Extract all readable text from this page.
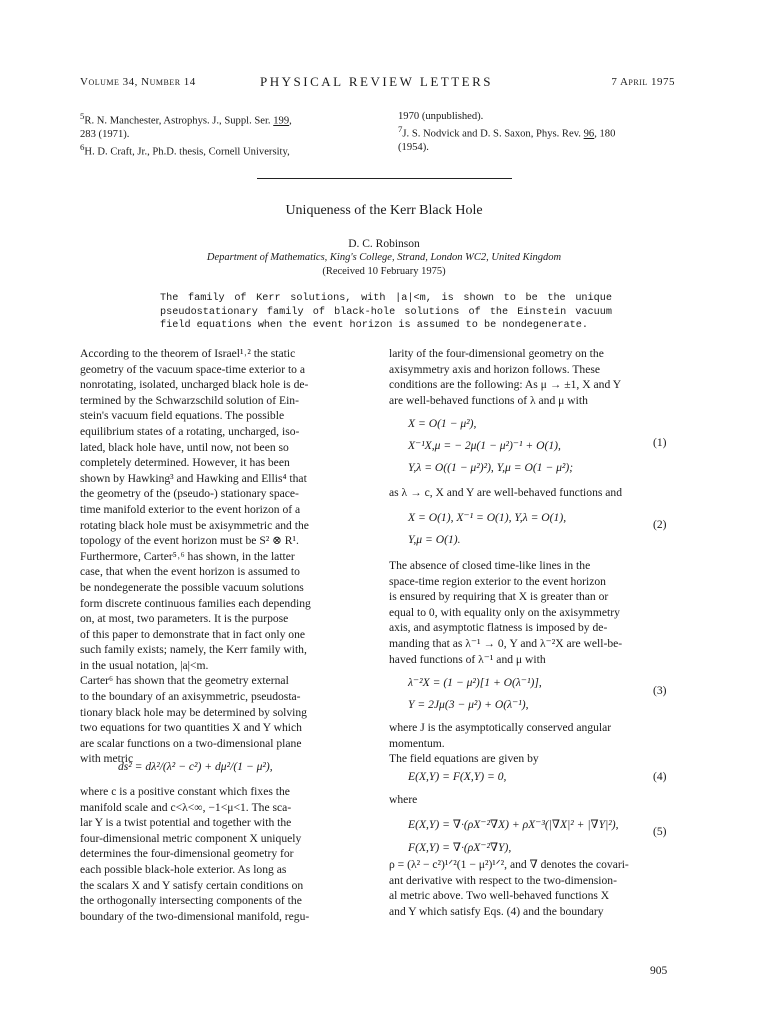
Volume 34, Number 14	PHYSICAL REVIEW LETTERS	7 April 1975
$^5$R. N. Manchester, Astrophys. J., Suppl. Ser. 199,
283 (1971).
$^6$H. D. Craft, Jr., Ph.D. thesis, Cornell University,
1970 (unpublished).
$^7$J. S. Nodvick and D. S. Saxon, Phys. Rev. 96, 180
(1954).
Uniqueness of the Kerr Black Hole
D. C. Robinson
Department of Mathematics, King's College, Strand, London WC2, United Kingdom
(Received 10 February 1975)
The family of Kerr solutions, with |a|<m, is shown to be the unique pseudostationary family of black-hole solutions of the Einstein vacuum field equations when the event horizon is assumed to be nondegenerate.

According to the theorem of Israel¹˒² the static

geometry of the vacuum space-time exterior to a

nonrotating, isolated, uncharged black hole is de-

termined by the Schwarzschild solution of Ein-

stein's vacuum field equations. The possible

equilibrium states of a rotating, uncharged, iso-

lated, black hole have, until now, not been so

completely determined. However, it has been

shown by Hawking³ and Hawking and Ellis⁴ that

the geometry of the (pseudo-) stationary space-

time manifold exterior to the event horizon of a

rotating black hole must be axisymmetric and the

topology of the event horizon must be S² ⊗ R¹.

Furthermore, Carter⁵˒⁶ has shown, in the latter

case, that when the event horizon is assumed to

be nondegenerate the possible vacuum solutions

form discrete continuous families each depending

on, at most, two parameters. It is the purpose

of this paper to demonstrate that in fact only one

such family exists; namely, the Kerr family with,

in the usual notation, |a|<m.

Carter⁶ has shown that the geometry external

to the boundary of an axisymmetric, pseudosta-

tionary black hole may be determined by solving

two equations for two quantities X and Y which

are scalar functions on a two-dimensional plane

with metric

ds² = dλ²/(λ² − c²) + dμ²/(1 − μ²),

where c is a positive constant which fixes the

manifold scale and c<λ<∞, −1<μ<1. The sca-

lar Y is a twist potential and together with the

four-dimensional metric component X uniquely

determines the four-dimensional geometry for

each possible black-hole exterior. As long as

the scalars X and Y satisfy certain conditions on

the orthogonally intersecting components of the

boundary of the two-dimensional manifold, regu-

larity of the four-dimensional geometry on the

axisymmetry axis and horizon follows. These

conditions are the following: As μ → ±1, X and Y

are well-behaved functions of λ and μ with

X = O(1 − μ²),
X⁻¹X,μ = − 2μ(1 − μ²)⁻¹ + O(1),
Y,λ = O((1 − μ²)²), Y,μ = O(1 − μ²);
(1)

as λ → c, X and Y are well-behaved functions and

X = O(1), X⁻¹ = O(1), Y,λ = O(1),
Y,μ = O(1).
(2)

The absence of closed time-like lines in the

space-time region exterior to the event horizon

is ensured by requiring that X is greater than or

equal to 0, with equality only on the axisymmetry

axis, and asymptotic flatness is imposed by de-

manding that as λ⁻¹ → 0, Y and λ⁻²X are well-be-

haved functions of λ⁻¹ and μ with

λ⁻²X = (1 − μ²)[1 + O(λ⁻¹)],
Y = 2Jμ(3 − μ²) + O(λ⁻¹),
(3)

where J is the asymptotically conserved angular

momentum.

The field equations are given by

E(X,Y) = F(X,Y) = 0,	(4)
where
E(X,Y) = ∇·(ρX⁻²∇X) + ρX⁻³(|∇X|² + |∇Y|²),
F(X,Y) = ∇·(ρX⁻²∇Y),
(5)

ρ = (λ² − c²)¹ᐟ²(1 − μ²)¹ᐟ², and ∇ denotes the covari-

ant derivative with respect to the two-dimension-

al metric above. Two well-behaved functions X

and Y which satisfy Eqs. (4) and the boundary

905
